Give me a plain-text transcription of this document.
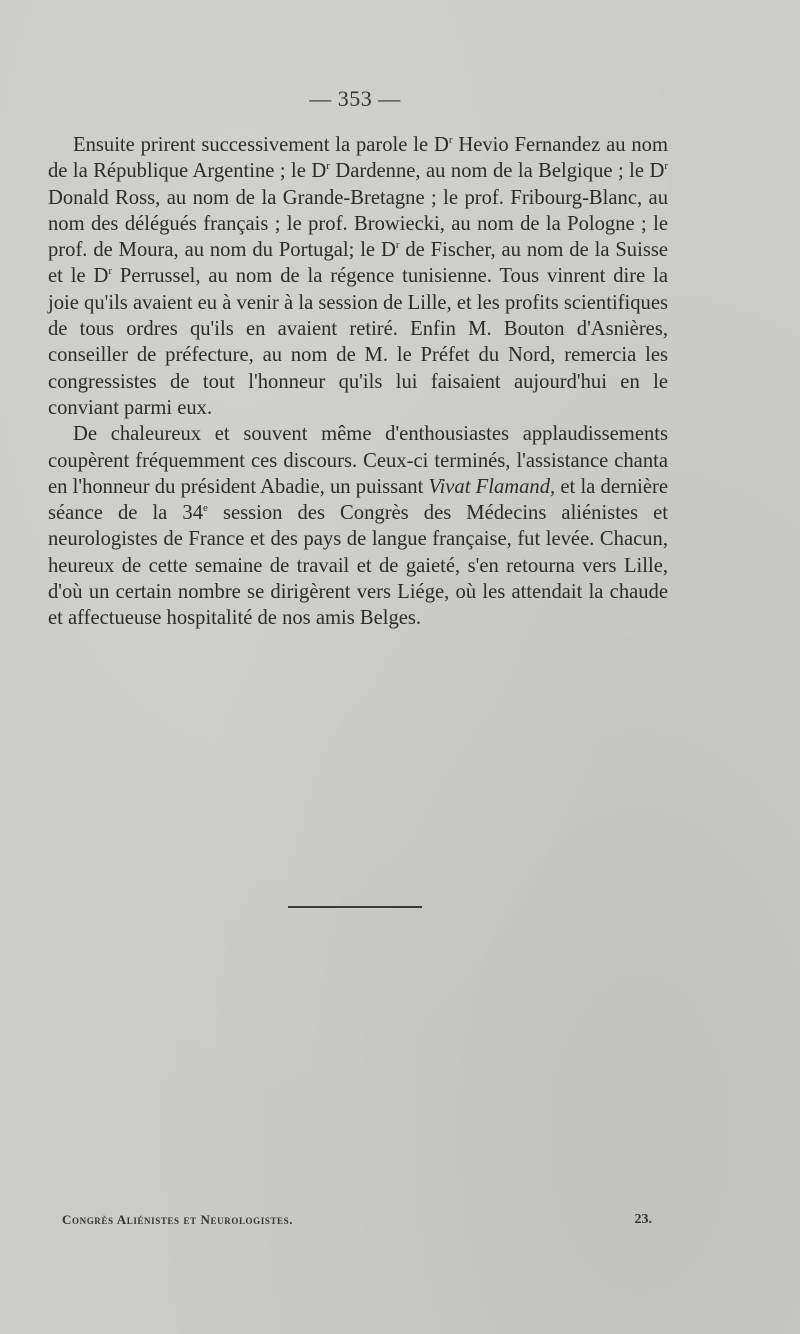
— 353 —

Ensuite prirent successivement la parole le $D^r$ Hevio Fernandez au nom de la République Argentine ; le $D^r$ Dardenne, au nom de la Belgique ; le $D^r$ Donald Ross, au nom de la Grande-Bretagne ; le prof. Fribourg-Blanc, au nom des délégués français ; le prof. Browiecki, au nom de la Pologne ; le prof. de Moura, au nom du Portugal; le $D^r$ de Fischer, au nom de la Suisse et le $D^r$ Perrussel, au nom de la régence tunisienne. Tous vinrent dire la joie qu'ils avaient eu à venir à la session de Lille, et les profits scientifiques de tous ordres qu'ils en avaient retiré. Enfin M. Bouton d'Asnières, conseiller de préfecture, au nom de M. le Préfet du Nord, remercia les congressistes de tout l'honneur qu'ils lui faisaient aujourd'hui en le conviant parmi eux.

De chaleureux et souvent même d'enthousiastes applaudissements coupèrent fréquemment ces discours. Ceux-ci terminés, l'assistance chanta en l'honneur du président Abadie, un puissant Vivat Flamand, et la dernière séance de la 34e session des Congrès des Médecins aliénistes et neurologistes de France et des pays de langue française, fut levée. Chacun, heureux de cette semaine de travail et de gaieté, s'en retourna vers Lille, d'où un certain nombre se dirigèrent vers Liége, où les attendait la chaude et affectueuse hospitalité de nos amis Belges.

Congrès Aliénistes et Neurologistes.	23.
